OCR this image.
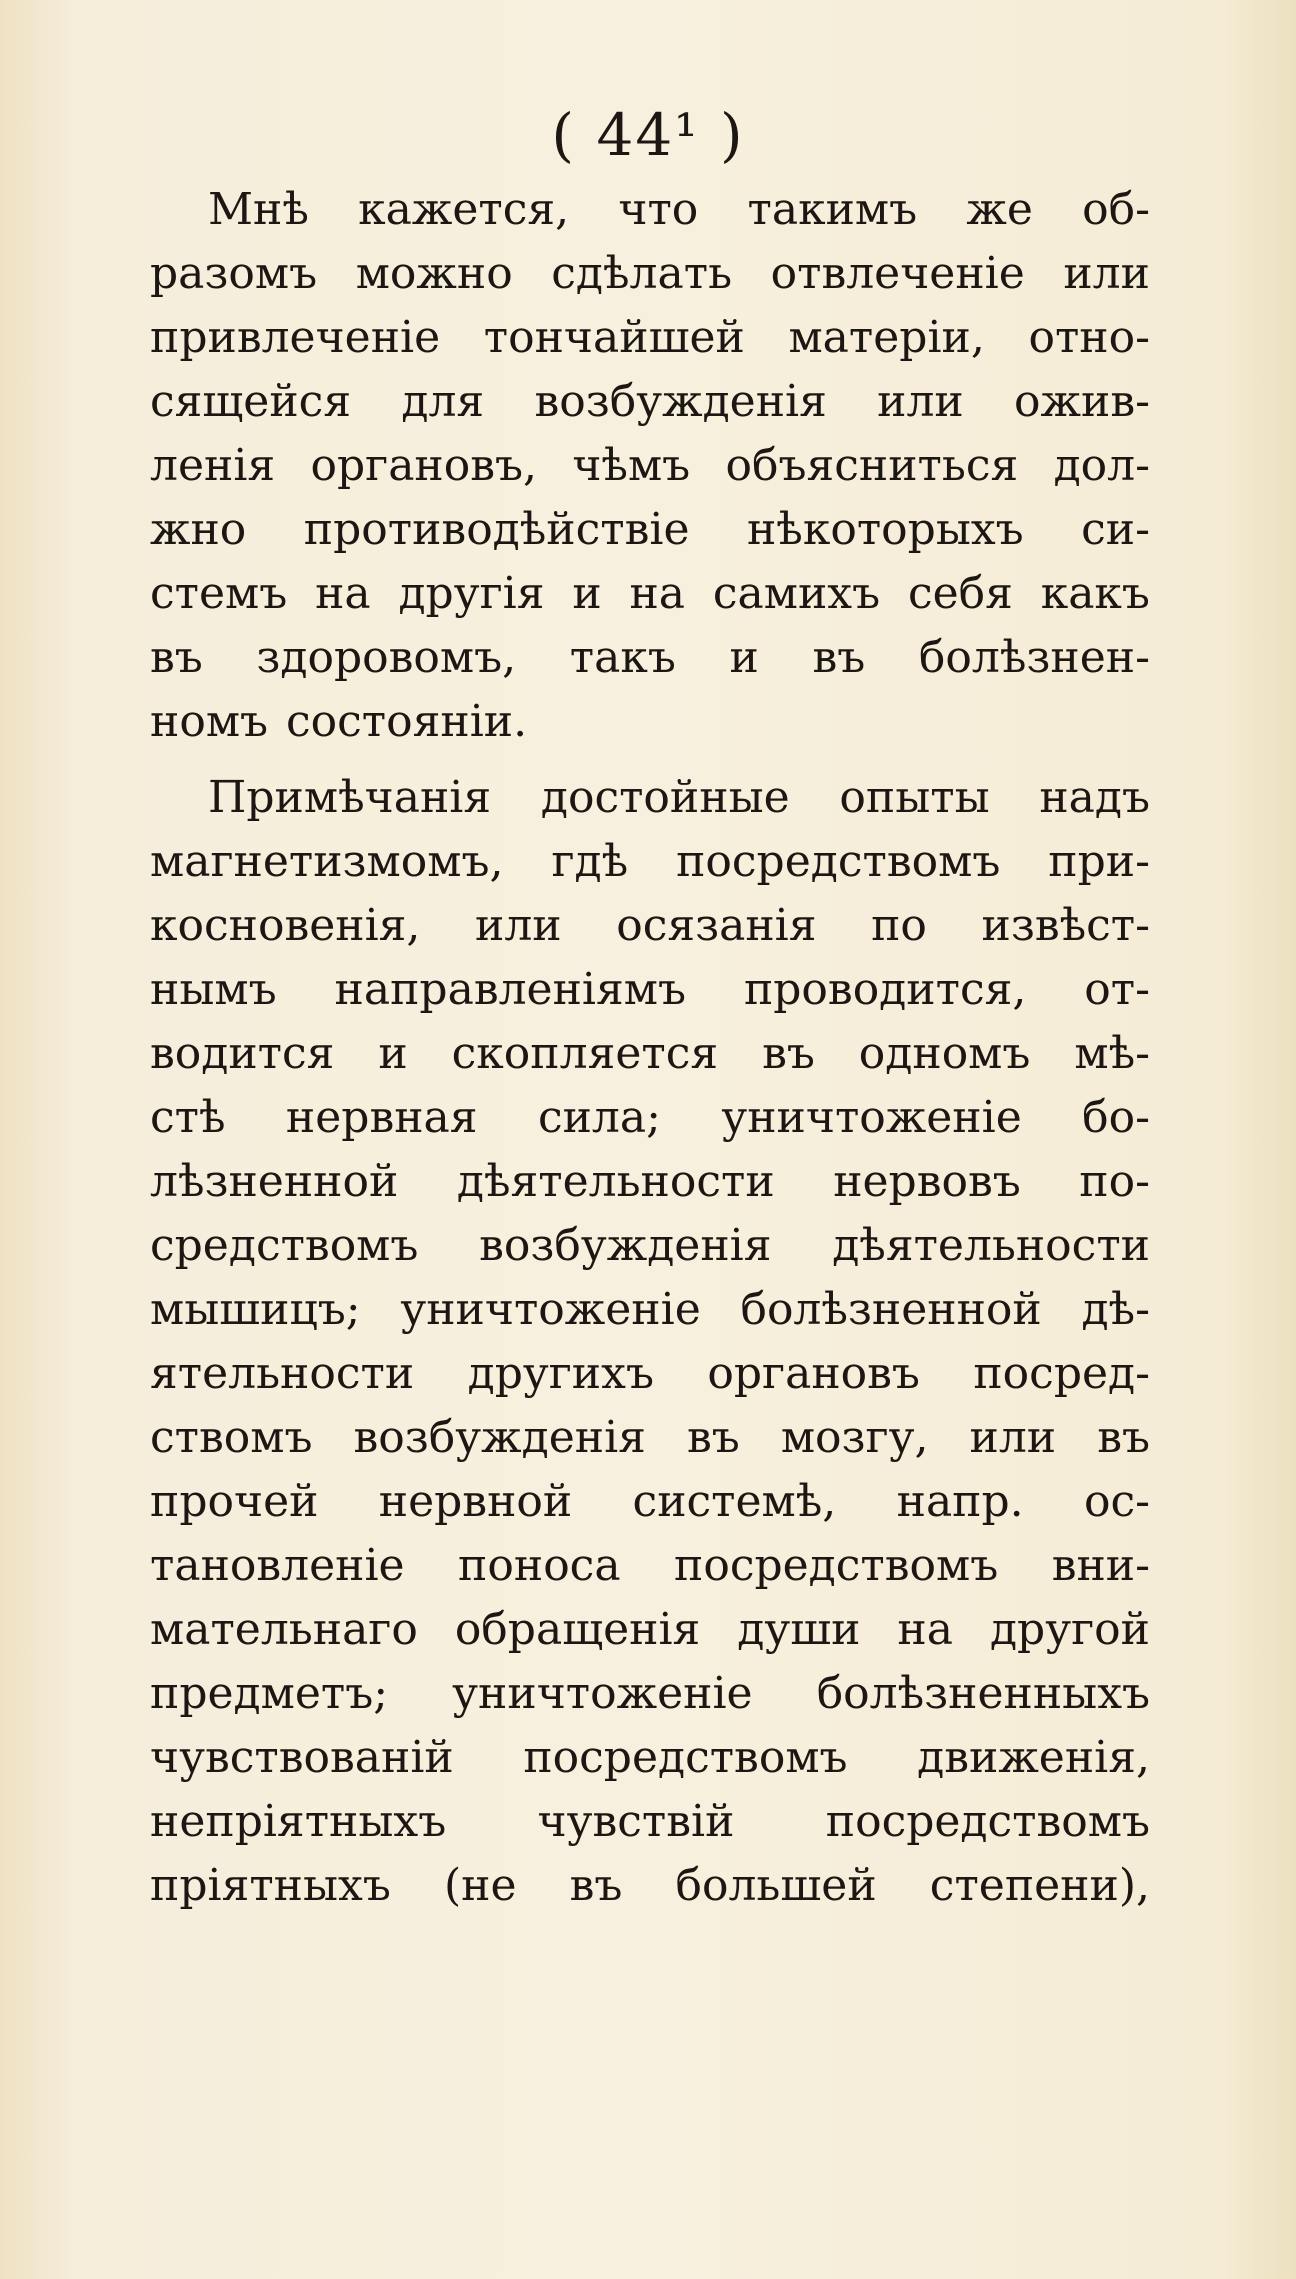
( 44¹ )
Мнѣ кажется, что такимъ же об-
разомъ можно сдѣлать отвлеченіе или
привлеченіе тончайшей матеріи, отно-
сящейся для возбужденія или ожив-
ленія органовъ, чѣмъ объясниться дол-
жно противодѣйствіе нѣкоторыхъ си-
стемъ на другія и на самихъ себя какъ
въ здоровомъ, такъ и въ болѣзнен-
номъ состояніи.
Примѣчанія достойные опыты надъ
магнетизмомъ, гдѣ посредствомъ при-
косновенія, или осязанія по извѣст-
нымъ направленіямъ проводится, от-
водится и скопляется въ одномъ мѣ-
стѣ нервная сила; уничтоженіе бо-
лѣзненной дѣятельности нервовъ по-
средствомъ возбужденія дѣятельности
мышицъ; уничтоженіе болѣзненной дѣ-
ятельности другихъ органовъ посред-
ствомъ возбужденія въ мозгу, или въ
прочей нервной системѣ, напр. ос-
тановленіе поноса посредствомъ вни-
мательнаго обращенія души на другой
предметъ; уничтоженіе болѣзненныхъ
чувствованій посредствомъ движенія,
непріятныхъ чувствій посредствомъ
пріятныхъ (не въ большей степени),
